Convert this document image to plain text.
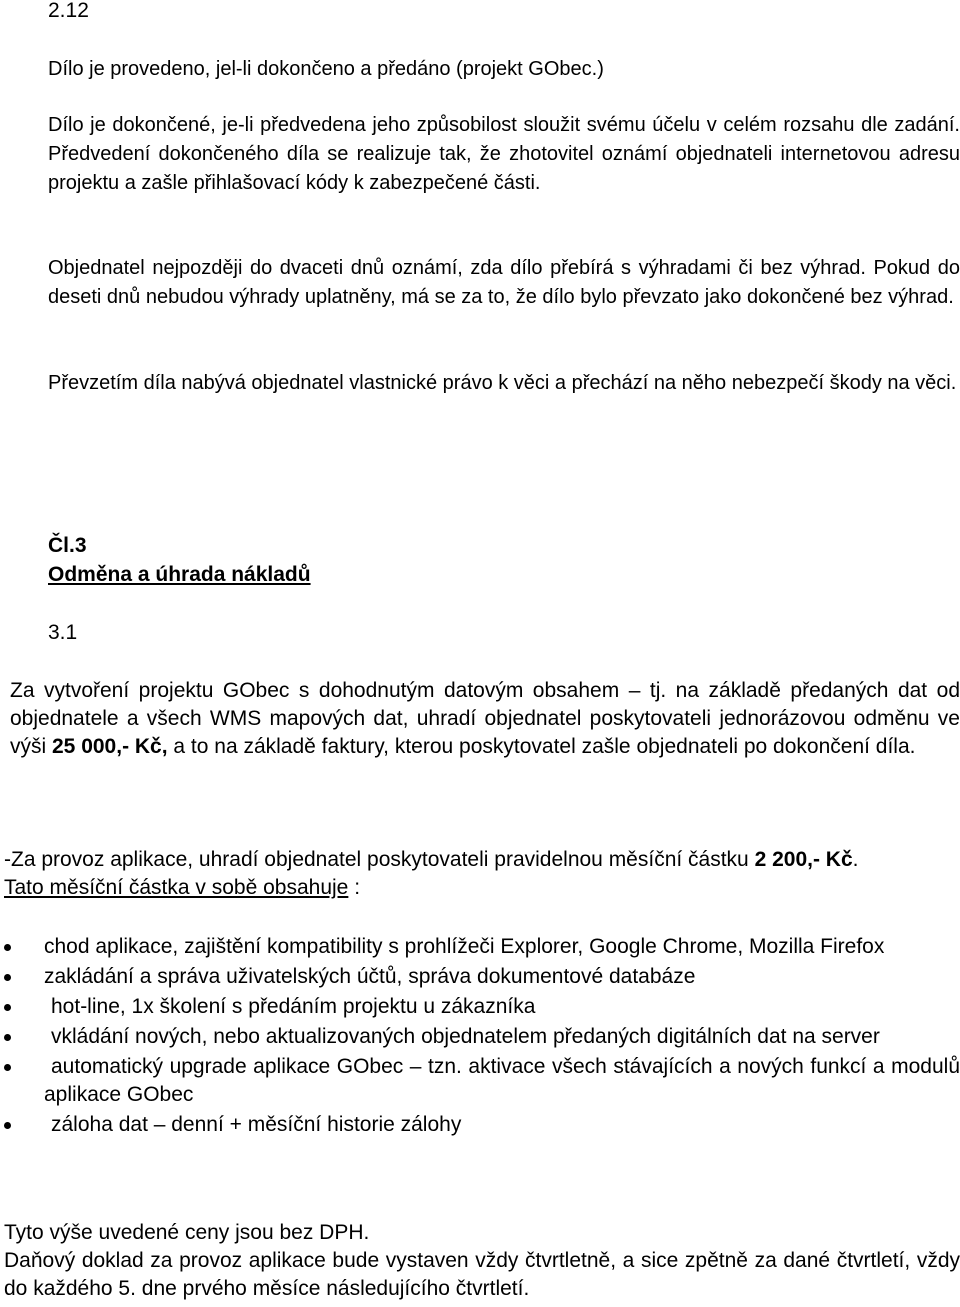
2.12

Dílo je provedeno, jel-li dokončeno a předáno (projekt GObec.)

Dílo je dokončené, je-li předvedena jeho způsobilost sloužit svému účelu v celém rozsahu dle zadání. Předvedení dokončeného díla se realizuje tak, že zhotovitel oznámí objednateli internetovou adresu projektu a zašle přihlašovací kódy k zabezpečené části.

Objednatel nejpozději do dvaceti dnů oznámí, zda dílo přebírá s výhradami či bez výhrad. Pokud do deseti dnů nebudou výhrady uplatněny, má se za to, že dílo bylo převzato jako dokončené bez výhrad.

Převzetím díla nabývá objednatel vlastnické právo k věci a přechází na něho nebezpečí škody na věci.

Čl.3
Odměna a úhrada nákladů
3.1

Za vytvoření projektu GObec s dohodnutým datovým obsahem – tj. na základě předaných dat od objednatele a všech WMS mapových dat, uhradí objednatel poskytovateli jednorázovou odměnu ve výši 25 000,- Kč, a to na základě faktury, kterou poskytovatel zašle objednateli po dokončení díla.

-Za provoz aplikace, uhradí objednatel poskytovateli pravidelnou měsíční částku 2 200,- Kč.

Tato měsíční částka v sobě obsahuje :

chod aplikace, zajištění kompatibility s prohlížeči Explorer, Google Chrome, Mozilla Firefox
zakládání a správa uživatelských účtů, správa dokumentové databáze
hot-line, 1x školení s předáním projektu u zákazníka
vkládání nových, nebo aktualizovaných objednatelem předaných digitálních dat na server
automatický upgrade aplikace GObec – tzn. aktivace všech stávajících a nových funkcí a modulů aplikace GObec
záloha dat – denní + měsíční historie zálohy

Tyto výše uvedené ceny jsou bez DPH.

Daňový doklad za provoz aplikace bude vystaven vždy čtvrtletně, a sice zpětně za dané čtvrtletí, vždy do každého 5. dne prvého měsíce následujícího čtvrtletí.
